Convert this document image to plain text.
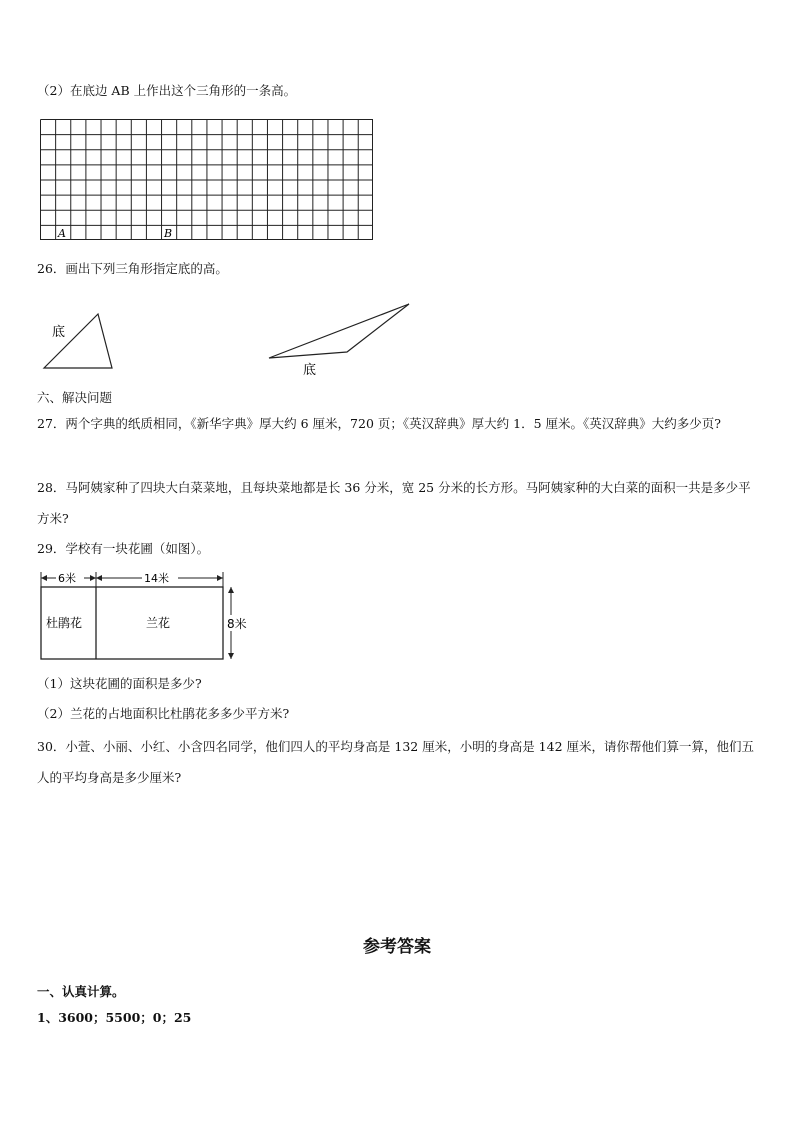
（2）在底边 AB 上作出这个三角形的一条高。
A	B
26．画出下列三角形指定底的高。
底
底
六、解决问题
27．两个字典的纸质相同，《新华字典》厚大约 6 厘米，720 页；《英汉辞典》厚大约 1．5 厘米。《英汉辞典》大约多少页?
28．马阿姨家种了四块大白菜菜地，且每块菜地都是长 36 分米，宽 25 分米的长方形。马阿姨家种的大白菜的面积一共是多少平方米?
29．学校有一块花圃（如图）。
6米	14米
杜鹃花	兰花	8米
（1）这块花圃的面积是多少?
（2）兰花的占地面积比杜鹃花多多少平方米?
30．小萱、小丽、小红、小含四名同学，他们四人的平均身高是 132 厘米，小明的身高是 142 厘米，请你帮他们算一算，他们五人的平均身高是多少厘米?
参考答案
一、认真计算。
1、3600；5500；0；25
